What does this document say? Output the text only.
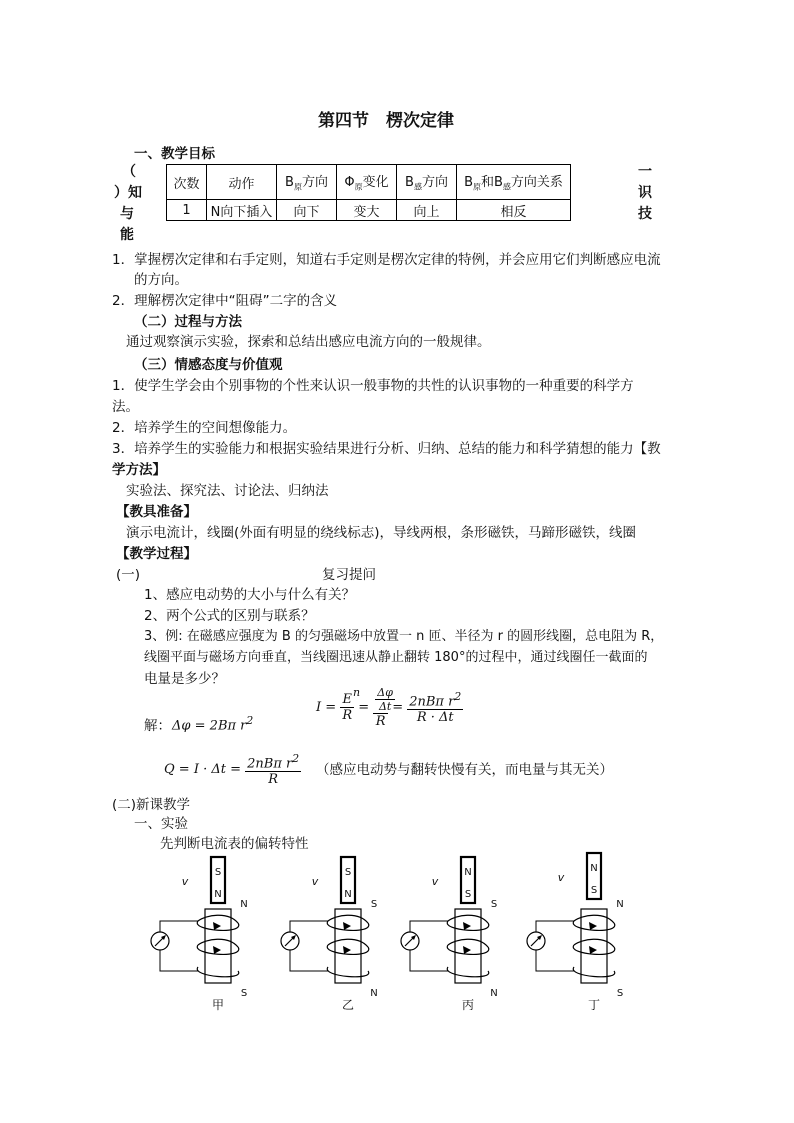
第四节　楞次定律
一、教学目标
（
）知
与
能
一
识
技
次数	动作	$B_原$方向	$\Phi_原$变化	$B_感$方向	$B_原$和$B_感$方向关系
1	N向下插入	向下	变大	向上	相反
1．掌握楞次定律和右手定则，知道右手定则是楞次定律的特例，并会应用它们判断感应电流
的方向。
2．理解楞次定律中“阻碍”二字的含义
（二）过程与方法
通过观察演示实验，探索和总结出感应电流方向的一般规律。
（三）情感态度与价值观
1．使学生学会由个别事物的个性来认识一般事物的共性的认识事物的一种重要的科学方
法。
2．培养学生的空间想像能力。
3．培养学生的实验能力和根据实验结果进行分析、归纳、总结的能力和科学猜想的能力【教
学方法】
实验法、探究法、讨论法、归纳法
【教具准备】
演示电流计，线圈(外面有明显的绕线标志)，导线两根，条形磁铁，马蹄形磁铁，线圈
【教学过程】
(一)	复习提问
1、感应电动势的大小与什么有关？
2、两个公式的区别与联系？
3、例: 在磁感应强度为 B 的匀强磁场中放置一 n 匝、半径为 r 的圆形线圈，总电阻为 R，
线圈平面与磁场方向垂直，当线圈迅速从静止翻转 180°的过程中，通过线圈任一截面的
电量是多少？
解： Δφ = 2Bπ $r^2$
$I = \frac{E}{R} = \frac{\Delta\varphi}{\Delta t}$
$^n$
$R = \frac{2nB\pi r^2}{R \cdot \Delta t}$
$Q = I \cdot \Delta t = \frac{2nB\pi r^2}{R}$ （感应电动势与翻转快慢有关，而电量与其无关）
(二)新课教学
一、实验
先判断电流表的偏转特性
v
S
N
N
S
甲
v
S
N
S
N
乙
v
N
S
S
N
丙
v
N
S
N
S
丁
